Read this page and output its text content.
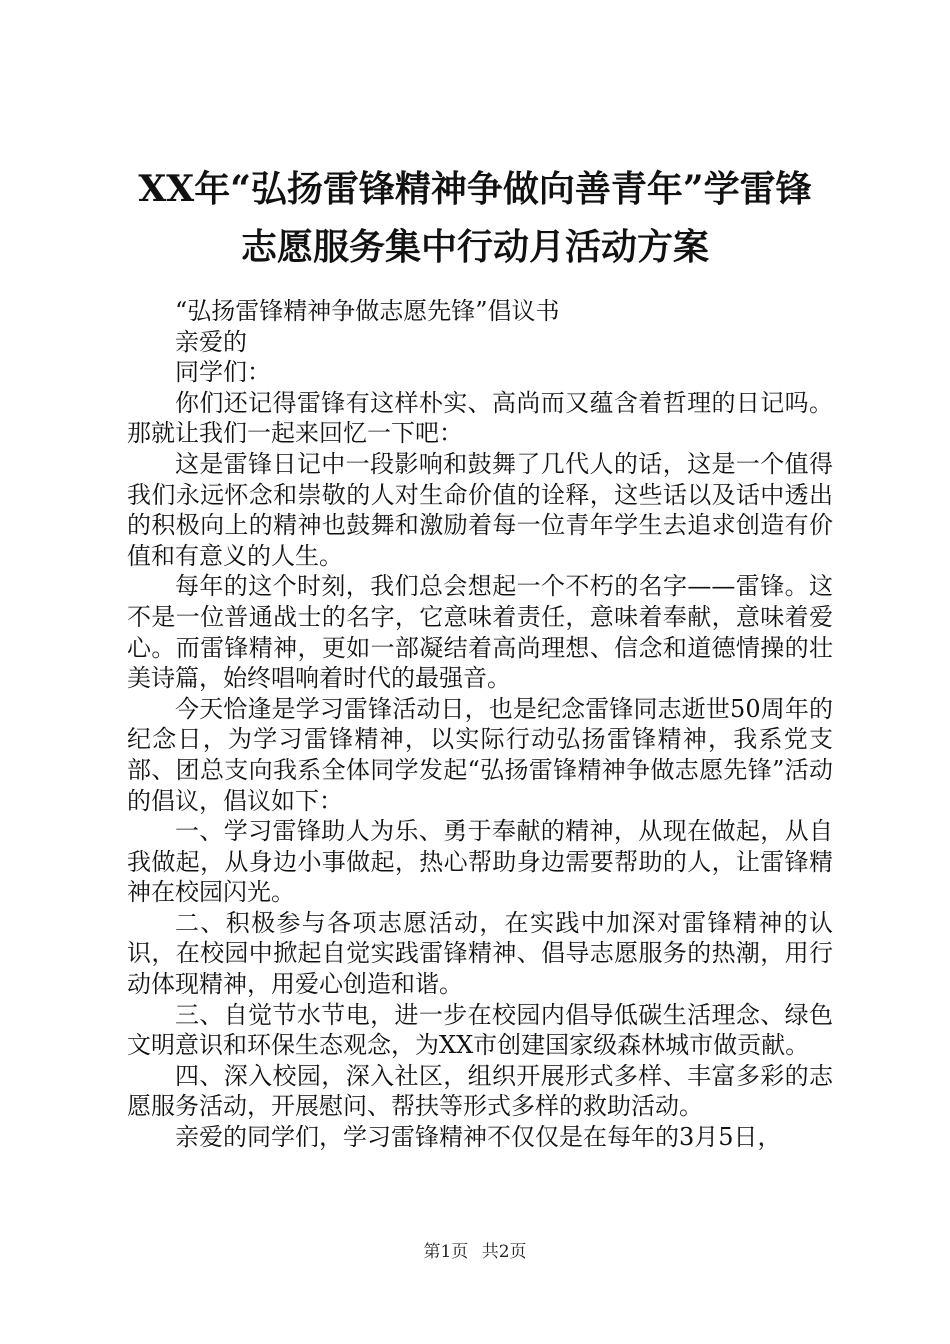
XX年“弘扬雷锋精神争做向善青年”学雷锋
志愿服务集中行动月活动方案

“弘扬雷锋精神争做志愿先锋”倡议书

亲爱的

同学们：

你们还记得雷锋有这样朴实、高尚而又蕴含着哲理的日记吗。那就让我们一起来回忆一下吧：

这是雷锋日记中一段影响和鼓舞了几代人的话，这是一个值得我们永远怀念和崇敬的人对生命价值的诠释，这些话以及话中透出的积极向上的精神也鼓舞和激励着每一位青年学生去追求创造有价值和有意义的人生。

每年的这个时刻，我们总会想起一个不朽的名字——雷锋。这不是一位普通战士的名字，它意味着责任，意味着奉献，意味着爱心。而雷锋精神，更如一部凝结着高尚理想、信念和道德情操的壮美诗篇，始终唱响着时代的最强音。

今天恰逢是学习雷锋活动日，也是纪念雷锋同志逝世50周年的纪念日，为学习雷锋精神，以实际行动弘扬雷锋精神，我系党支部、团总支向我系全体同学发起“弘扬雷锋精神争做志愿先锋”活动的倡议，倡议如下：

一、学习雷锋助人为乐、勇于奉献的精神，从现在做起，从自我做起，从身边小事做起，热心帮助身边需要帮助的人，让雷锋精神在校园闪光。

二、积极参与各项志愿活动，在实践中加深对雷锋精神的认识，在校园中掀起自觉实践雷锋精神、倡导志愿服务的热潮，用行动体现精神，用爱心创造和谐。

三、自觉节水节电，进一步在校园内倡导低碳生活理念、绿色文明意识和环保生态观念，为XX市创建国家级森林城市做贡献。

四、深入校园，深入社区，组织开展形式多样、丰富多彩的志愿服务活动，开展慰问、帮扶等形式多样的救助活动。

亲爱的同学们，学习雷锋精神不仅仅是在每年的3月5日，

第1页 共2页
